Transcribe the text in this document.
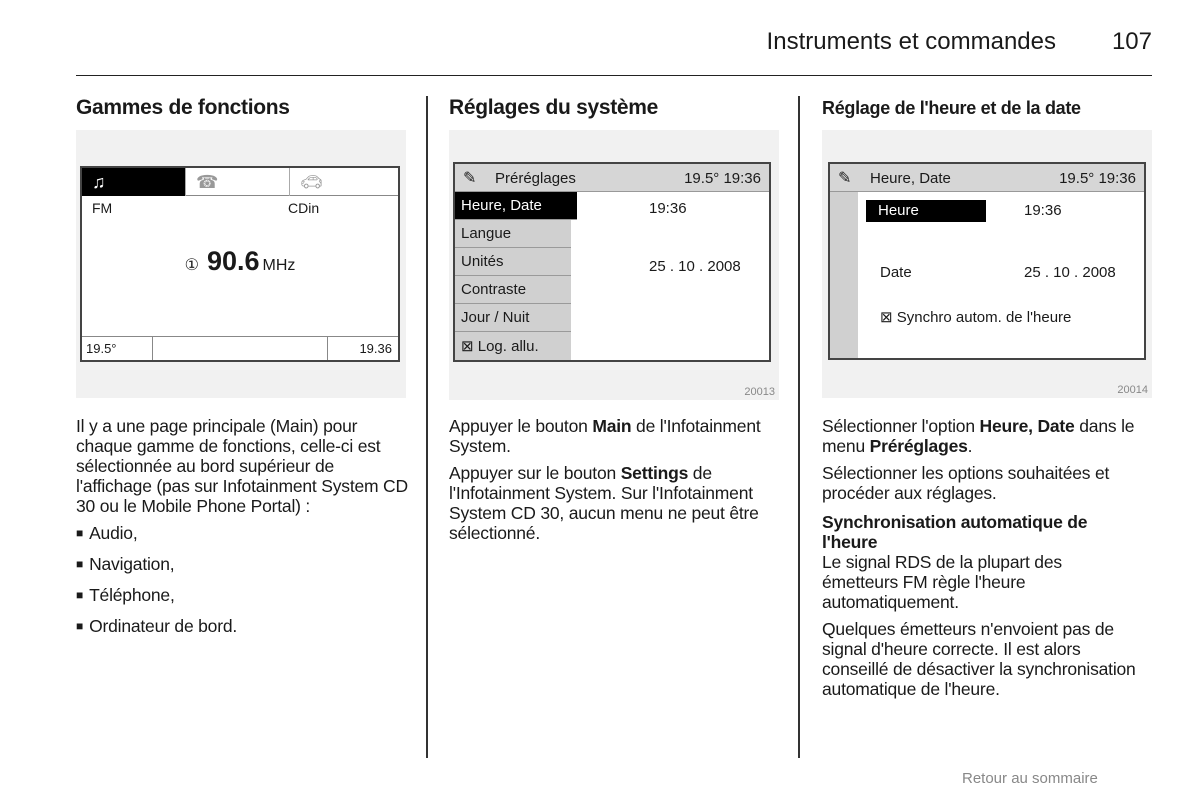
Instruments et commandes 107
Gammes de fonctions
♫	☎	🚗︎
FM	CDin
① 90.6 MHz
19.5°	19.36

Il y a une page principale (Main) pour chaque gamme de fonctions, celle-ci est sélectionnée au bord supérieur de l'affichage (pas sur Infotainment System CD 30 ou le Mobile Phone Portal) :

■ Audio,
■ Navigation,
■ Téléphone,
■ Ordinateur de bord.
Réglages du système
✎ Préréglages	19.5° 19:36
Heure, Date
Langue
Unités
Contraste
Jour / Nuit
⊠ Log. allu.
19:36
25 . 10 . 2008
20013

Appuyer le bouton Main de l'Infotainment System.

Appuyer sur le bouton Settings de l'Infotainment System. Sur l'Infotainment System CD 30, aucun menu ne peut être sélectionné.

Réglage de l'heure et de la date
✎ Heure, Date	19.5° 19:36
Heure	19:36
Date	25 . 10 . 2008
⊠ Synchro autom. de l'heure
20014

Sélectionner l'option Heure, Date dans le menu Préréglages.

Sélectionner les options souhaitées et procéder aux réglages.

Synchronisation automatique de l'heure

Le signal RDS de la plupart des émetteurs FM règle l'heure automatiquement.

Quelques émetteurs n'envoient pas de signal d'heure correcte. Il est alors conseillé de désactiver la synchronisation automatique de l'heure.

Retour au sommaire
